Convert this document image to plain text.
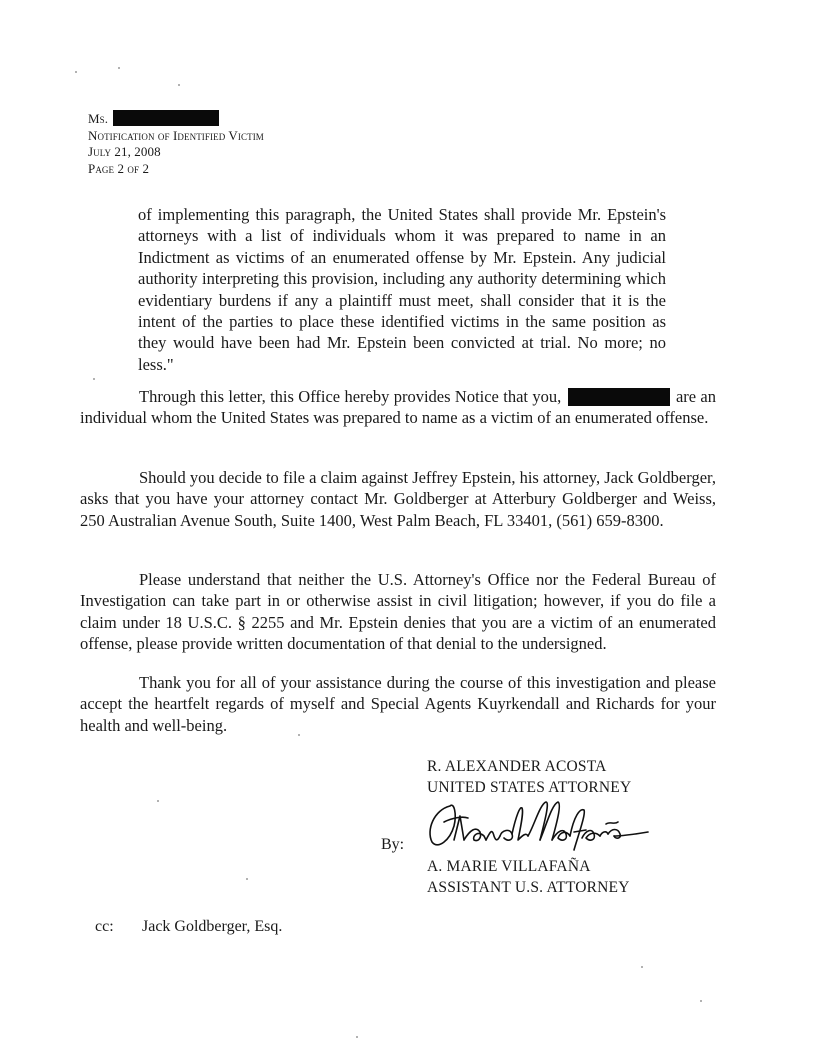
Ms.
Notification of Identified Victim
July 21, 2008
Page 2 of 2
of implementing this paragraph, the United States shall provide Mr. Epstein's attorneys with a list of individuals whom it was prepared to name in an Indictment as victims of an enumerated offense by Mr. Epstein. Any judicial authority interpreting this provision, including any authority determining which evidentiary burdens if any a plaintiff must meet, shall consider that it is the intent of the parties to place these identified victims in the same position as they would have been had Mr. Epstein been convicted at trial. No more; no less."
Through this letter, this Office hereby provides Notice that you,	are an individual whom the United States was prepared to name as a victim of an enumerated offense.
Should you decide to file a claim against Jeffrey Epstein, his attorney, Jack Goldberger, asks that you have your attorney contact Mr. Goldberger at Atterbury Goldberger and Weiss, 250 Australian Avenue South, Suite 1400, West Palm Beach, FL 33401, (561) 659-8300.
Please understand that neither the U.S. Attorney's Office nor the Federal Bureau of Investigation can take part in or otherwise assist in civil litigation; however, if you do file a claim under 18 U.S.C. § 2255 and Mr. Epstein denies that you are a victim of an enumerated offense, please provide written documentation of that denial to the undersigned.
Thank you for all of your assistance during the course of this investigation and please accept the heartfelt regards of myself and Special Agents Kuyrkendall and Richards for your health and well-being.
R. ALEXANDER ACOSTA
UNITED STATES ATTORNEY
By:
A. MARIE VILLAFAÑA
ASSISTANT U.S. ATTORNEY
cc: Jack Goldberger, Esq.
